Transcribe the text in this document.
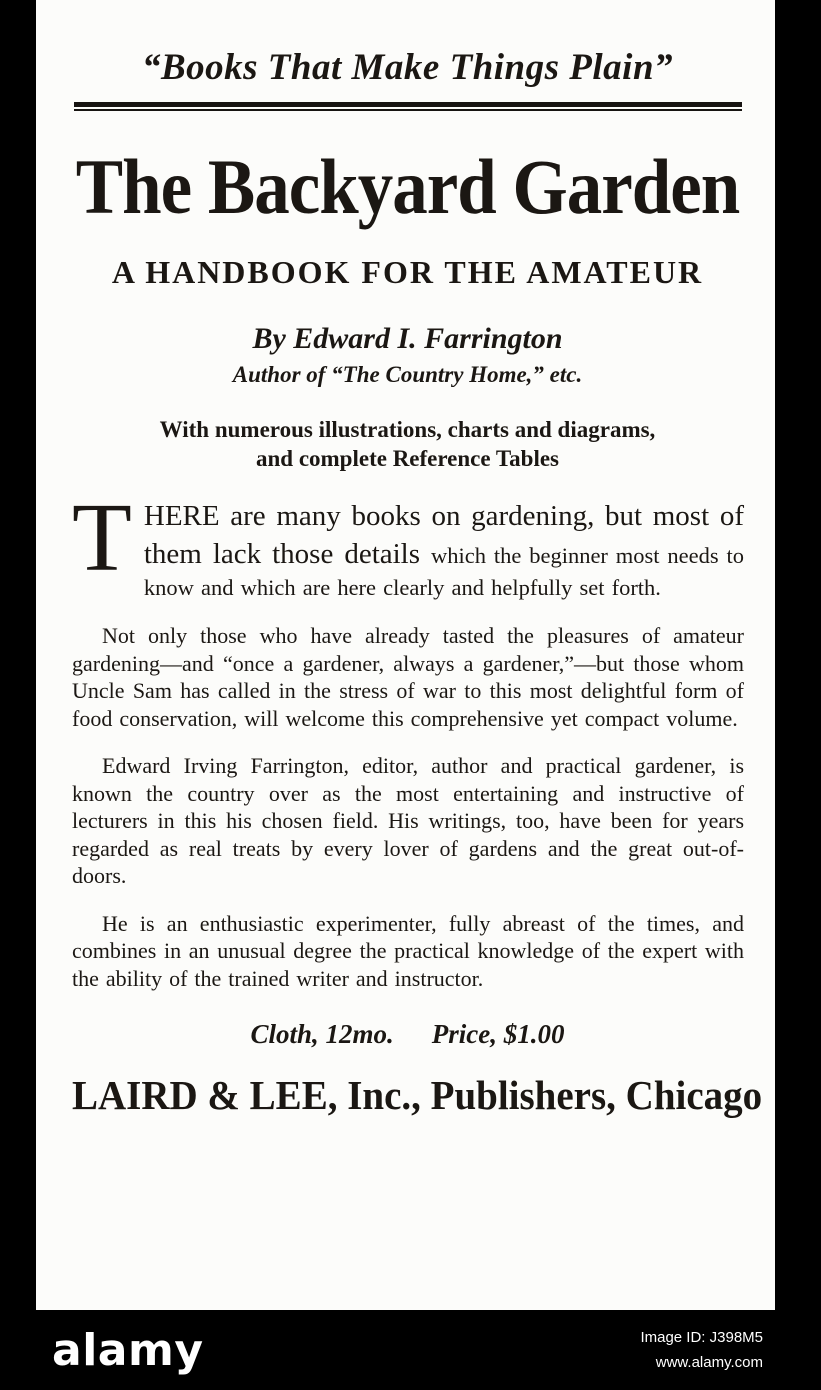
“Books That Make Things Plain”
The Backyard Garden
A HANDBOOK FOR THE AMATEUR
By Edward I. Farrington
Author of “The Country Home,” etc.
With numerous illustrations, charts and diagrams,
and complete Reference Tables

THERE are many books on gardening, but most of them lack those details which the beginner most needs to know and which are here clearly and helpfully set forth.

Not only those who have already tasted the pleasures of amateur gardening—and “once a gardener, always a gardener,”—but those whom Uncle Sam has called in the stress of war to this most delightful form of food conservation, will welcome this comprehensive yet compact volume.

Edward Irving Farrington, editor, author and practical gardener, is known the country over as the most entertaining and instructive of lecturers in this his chosen field. His writings, too, have been for years regarded as real treats by every lover of gardens and the great out-of-doors.

He is an enthusiastic experimenter, fully abreast of the times, and combines in an unusual degree the practical knowledge of the expert with the ability of the trained writer and instructor.

Cloth, 12mo. Price, $1.00
LAIRD & LEE, Inc., Publishers, Chicago
alamy	Image ID: J398M5
www.alamy.com
